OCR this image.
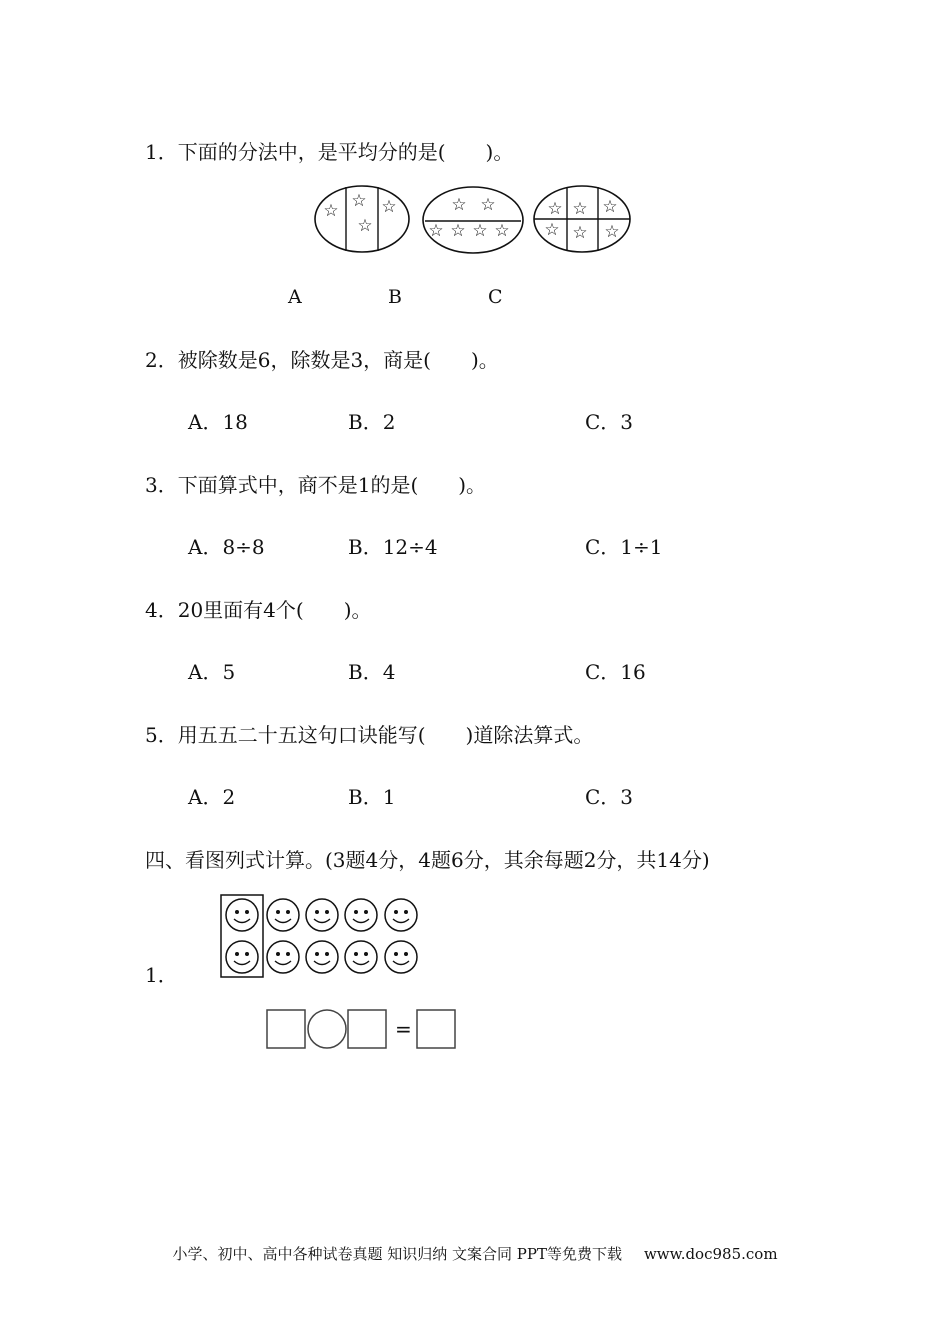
1．下面的分法中，是平均分的是(　　)。
☆ ☆ ☆
☆
☆ ☆
☆ ☆ ☆ ☆
☆ ☆ ☆
☆ ☆ ☆
A	B	C
2．被除数是6，除数是3，商是(　　)。
A．18	B．2	C．3
3．下面算式中，商不是1的是(　　)。
A．8÷8	B．12÷4	C．1÷1
4．20里面有4个(　　)。
A．5	B．4	C．16
5．用五五二十五这句口诀能写(　　)道除法算式。
A．2	B．1	C．3
四、看图列式计算。(3题4分，4题6分，其余每题2分，共14分)
1．
=
小学、初中、高中各种试卷真题 知识归纳 文案合同 PPT等免费下载 www.doc985.com
